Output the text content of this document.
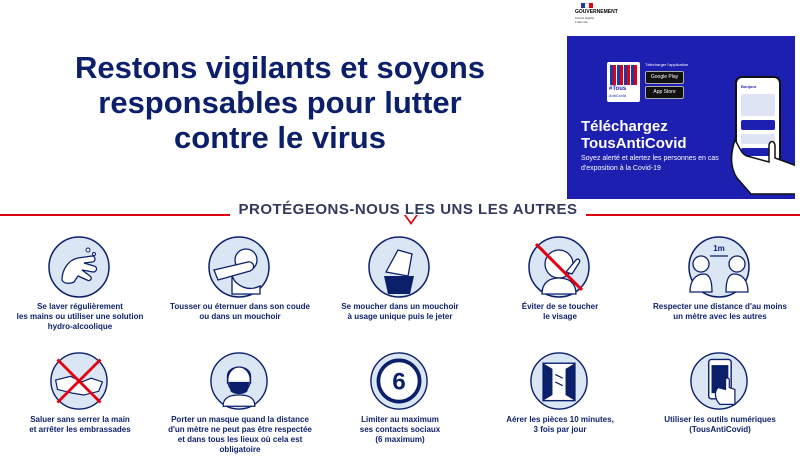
Restons vigilants et soyons
responsables pour lutter
contre le virus
GOUVERNEMENT
Liberté Égalité Fraternité
#Tous
AntiCovid
Télécharger l'application
Google Play
App Store
Téléchargez
TousAntiCovid
Soyez alerté et alertez les personnes en cas d'exposition à la Covid-19
Bonjour
PROTÉGEONS-NOUS LES UNS LES AUTRES
Se laver régulièrement
les mains ou utiliser une solution
hydro-alcoolique
Tousser ou éternuer dans son coude
ou dans un mouchoir
Se moucher dans un mouchoir
à usage unique puis le jeter
Éviter de se toucher
le visage
1m
Respecter une distance d'au moins
un mètre avec les autres
Saluer sans serrer la main
et arrêter les embrassades
Porter un masque quand la distance
d'un mètre ne peut pas être respectée
et dans tous les lieux où cela est obligatoire
6
Limiter au maximum
ses contacts sociaux
(6 maximum)
Aérer les pièces 10 minutes,
3 fois par jour
Utiliser les outils numériques
(TousAntiCovid)
